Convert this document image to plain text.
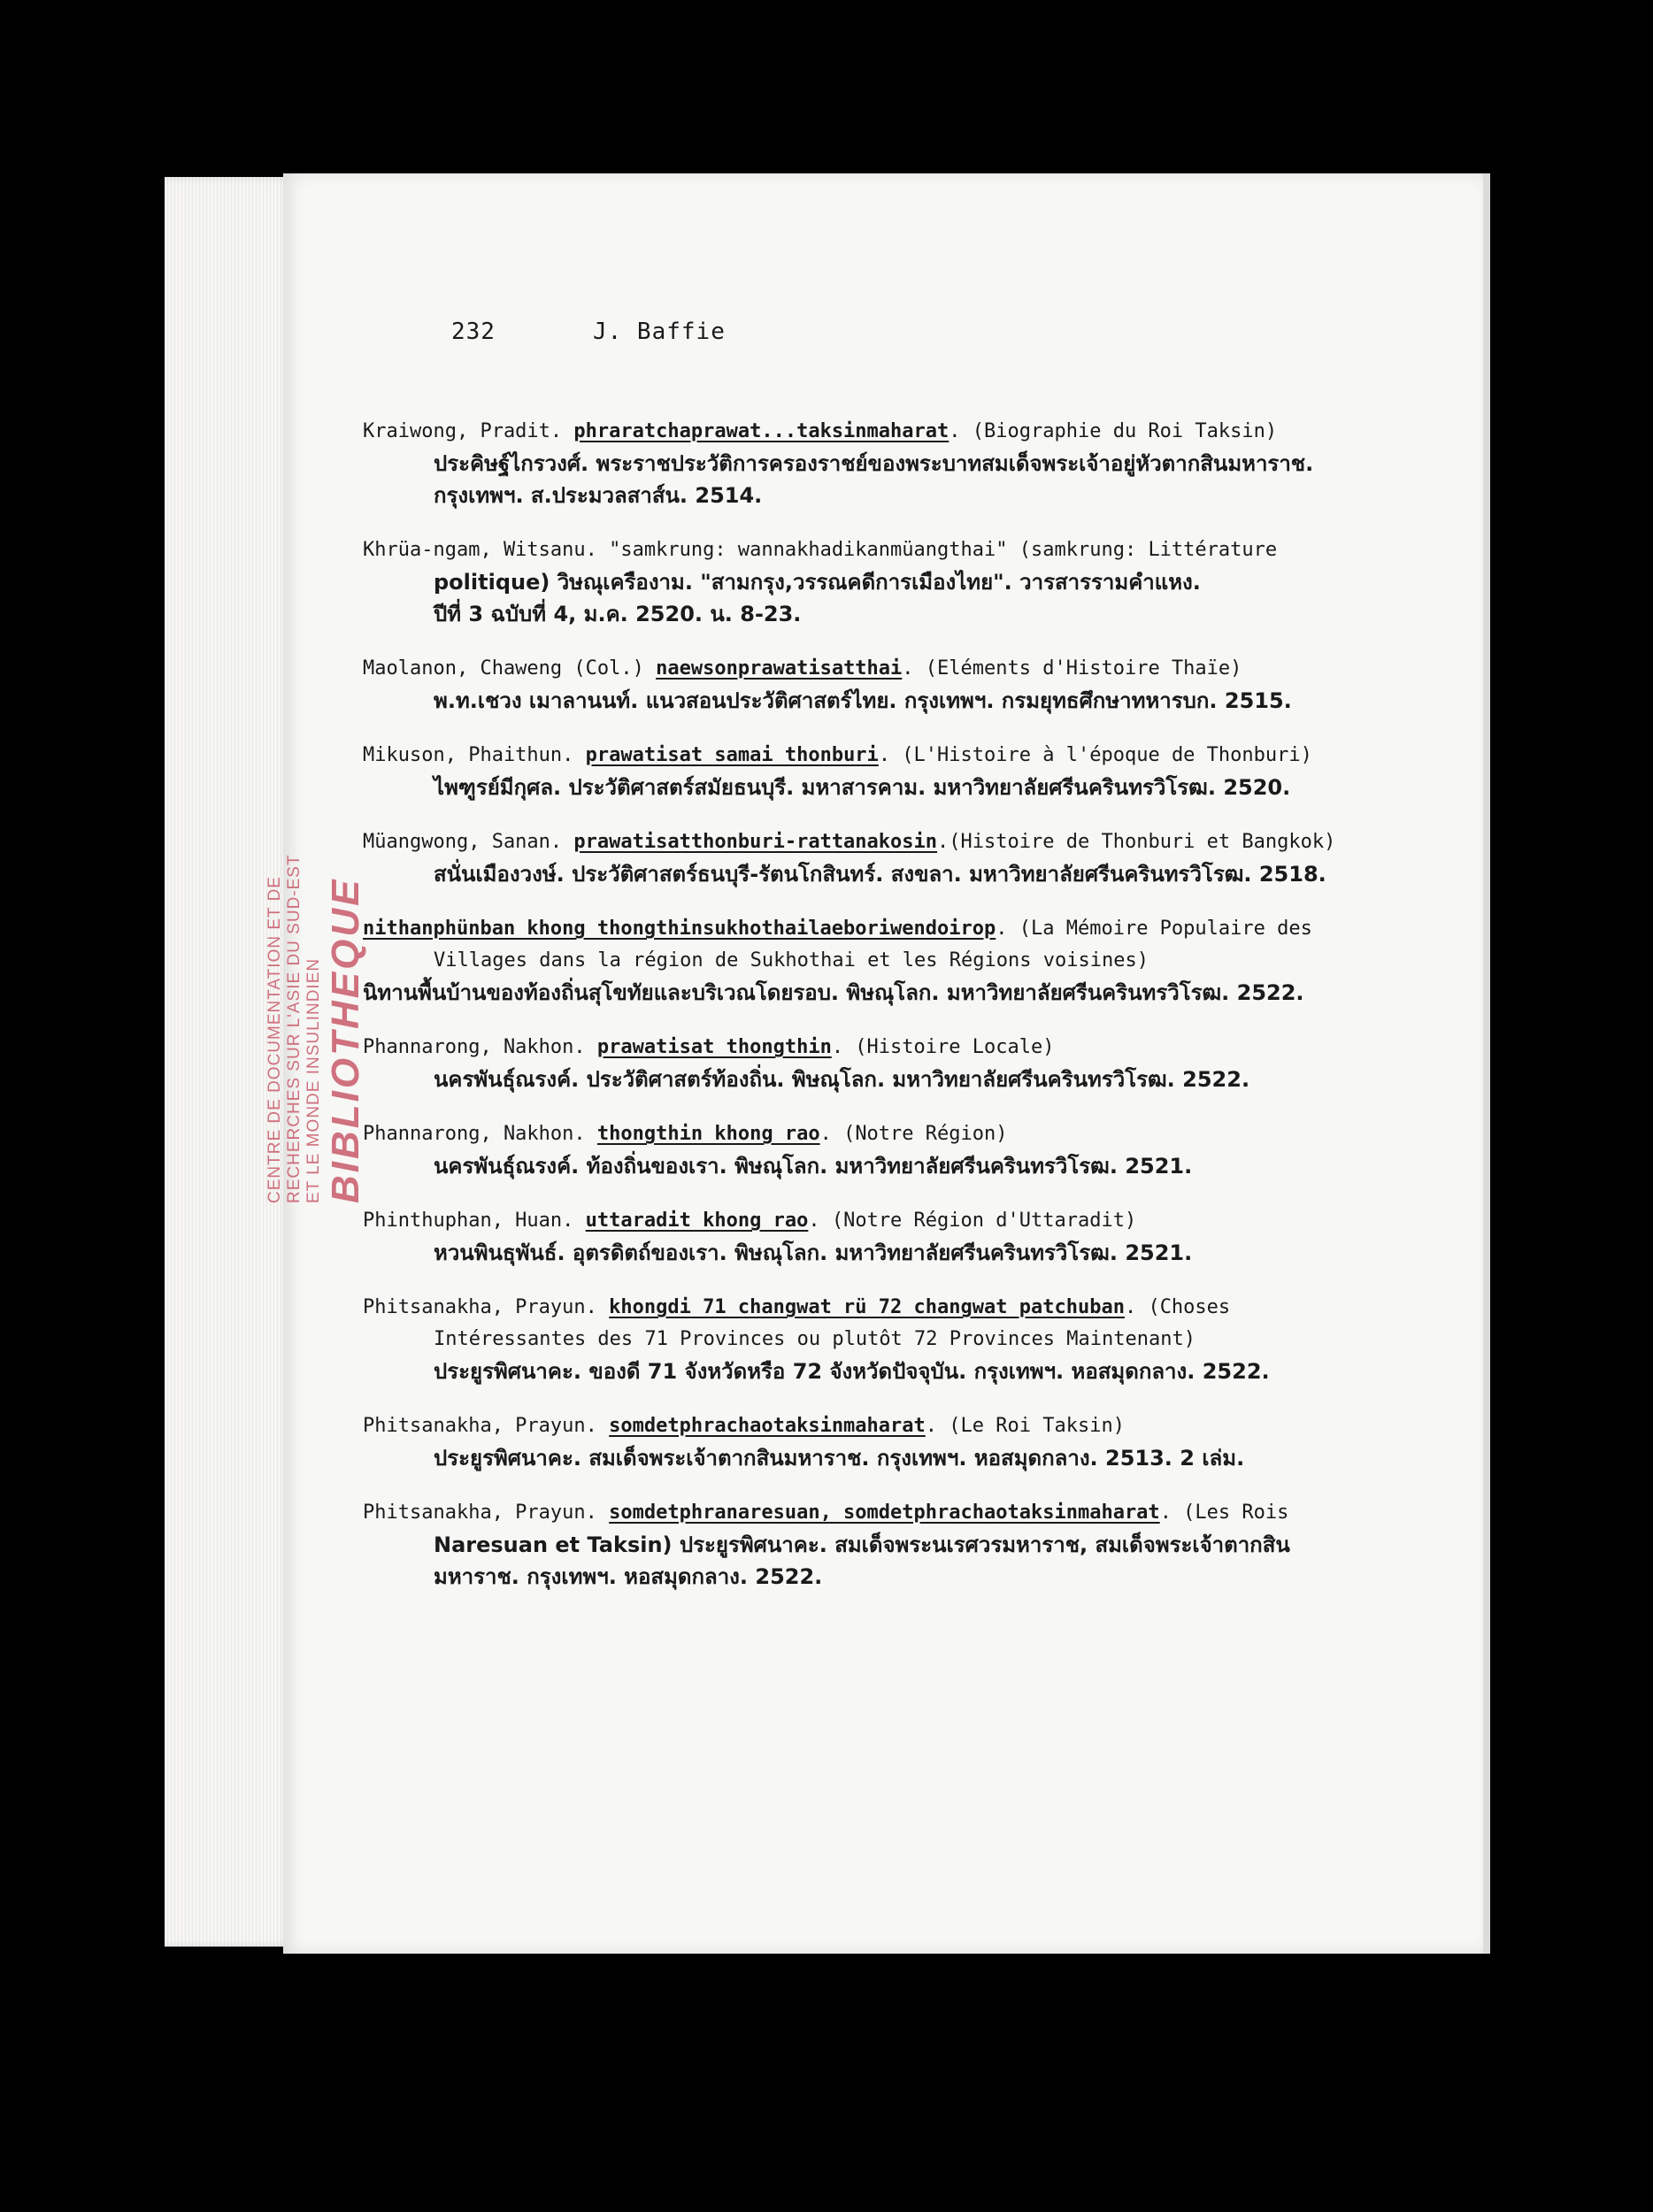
CENTRE DE DOCUMENTATION ET DE RECHERCHES SUR L'ASIE DU SUD-EST ET LE MONDE INSULINDIEN BIBLIOTHEQUE
232	J. Baffie
Kraiwong, Pradit. phraratchaprawat...taksinmaharat. (Biographie du Roi Taksin)
ประคิษฐ์ไกรวงศ์. พระราชประวัติการครองราชย์ของพระบาทสมเด็จพระเจ้าอยู่หัวตากสินมหาราช.
กรุงเทพฯ. ส.ประมวลสาส์น. 2514.
Khrüa-ngam, Witsanu. "samkrung: wannakhadikanmüangthai" (samkrung: Littérature
politique) วิษณุเครืองาม. "สามกรุง,วรรณคดีการเมืองไทย". วารสารรามคำแหง.
ปีที่ 3 ฉบับที่ 4, ม.ค. 2520. น. 8-23.
Maolanon, Chaweng (Col.) naewsonprawatisatthai. (Eléments d'Histoire Thaïe)
พ.ท.เชวง เมาลานนท์. แนวสอนประวัติศาสตร์ไทย. กรุงเทพฯ. กรมยุทธศึกษาทหารบก. 2515.
Mikuson, Phaithun. prawatisat samai thonburi. (L'Histoire à l'époque de Thonburi)
ไพฑูรย์มีกุศล. ประวัติศาสตร์สมัยธนบุรี. มหาสารคาม. มหาวิทยาลัยศรีนครินทรวิโรฒ. 2520.
Müangwong, Sanan. prawatisatthonburi-rattanakosin.(Histoire de Thonburi et Bangkok)
สนั่นเมืองวงษ์. ประวัติศาสตร์ธนบุรี-รัตนโกสินทร์. สงขลา. มหาวิทยาลัยศรีนครินทรวิโรฒ. 2518.
nithanphünban khong thongthinsukhothailaeboriwendoirop. (La Mémoire Populaire des
Villages dans la région de Sukhothai et les Régions voisines)
นิทานพื้นบ้านของท้องถิ่นสุโขทัยและบริเวณโดยรอบ. พิษณุโลก. มหาวิทยาลัยศรีนครินทรวิโรฒ. 2522.
Phannarong, Nakhon. prawatisat thongthin. (Histoire Locale)
นครพันธุ์ณรงค์. ประวัติศาสตร์ท้องถิ่น. พิษณุโลก. มหาวิทยาลัยศรีนครินทรวิโรฒ. 2522.
Phannarong, Nakhon. thongthin khong rao. (Notre Région)
นครพันธุ์ณรงค์. ท้องถิ่นของเรา. พิษณุโลก. มหาวิทยาลัยศรีนครินทรวิโรฒ. 2521.
Phinthuphan, Huan. uttaradit khong rao. (Notre Région d'Uttaradit)
หวนพินธุพันธ์. อุตรดิตถ์ของเรา. พิษณุโลก. มหาวิทยาลัยศรีนครินทรวิโรฒ. 2521.
Phitsanakha, Prayun. khongdi 71 changwat rü 72 changwat patchuban. (Choses
Intéressantes des 71 Provinces ou plutôt 72 Provinces Maintenant)
ประยูรพิศนาคะ. ของดี 71 จังหวัดหรือ 72 จังหวัดปัจจุบัน. กรุงเทพฯ. หอสมุดกลาง. 2522.
Phitsanakha, Prayun. somdetphrachaotaksinmaharat. (Le Roi Taksin)
ประยูรพิศนาคะ. สมเด็จพระเจ้าตากสินมหาราช. กรุงเทพฯ. หอสมุดกลาง. 2513. 2 เล่ม.
Phitsanakha, Prayun. somdetphranaresuan, somdetphrachaotaksinmaharat. (Les Rois
Naresuan et Taksin) ประยูรพิศนาคะ. สมเด็จพระนเรศวรมหาราช, สมเด็จพระเจ้าตากสิน
มหาราช. กรุงเทพฯ. หอสมุดกลาง. 2522.
